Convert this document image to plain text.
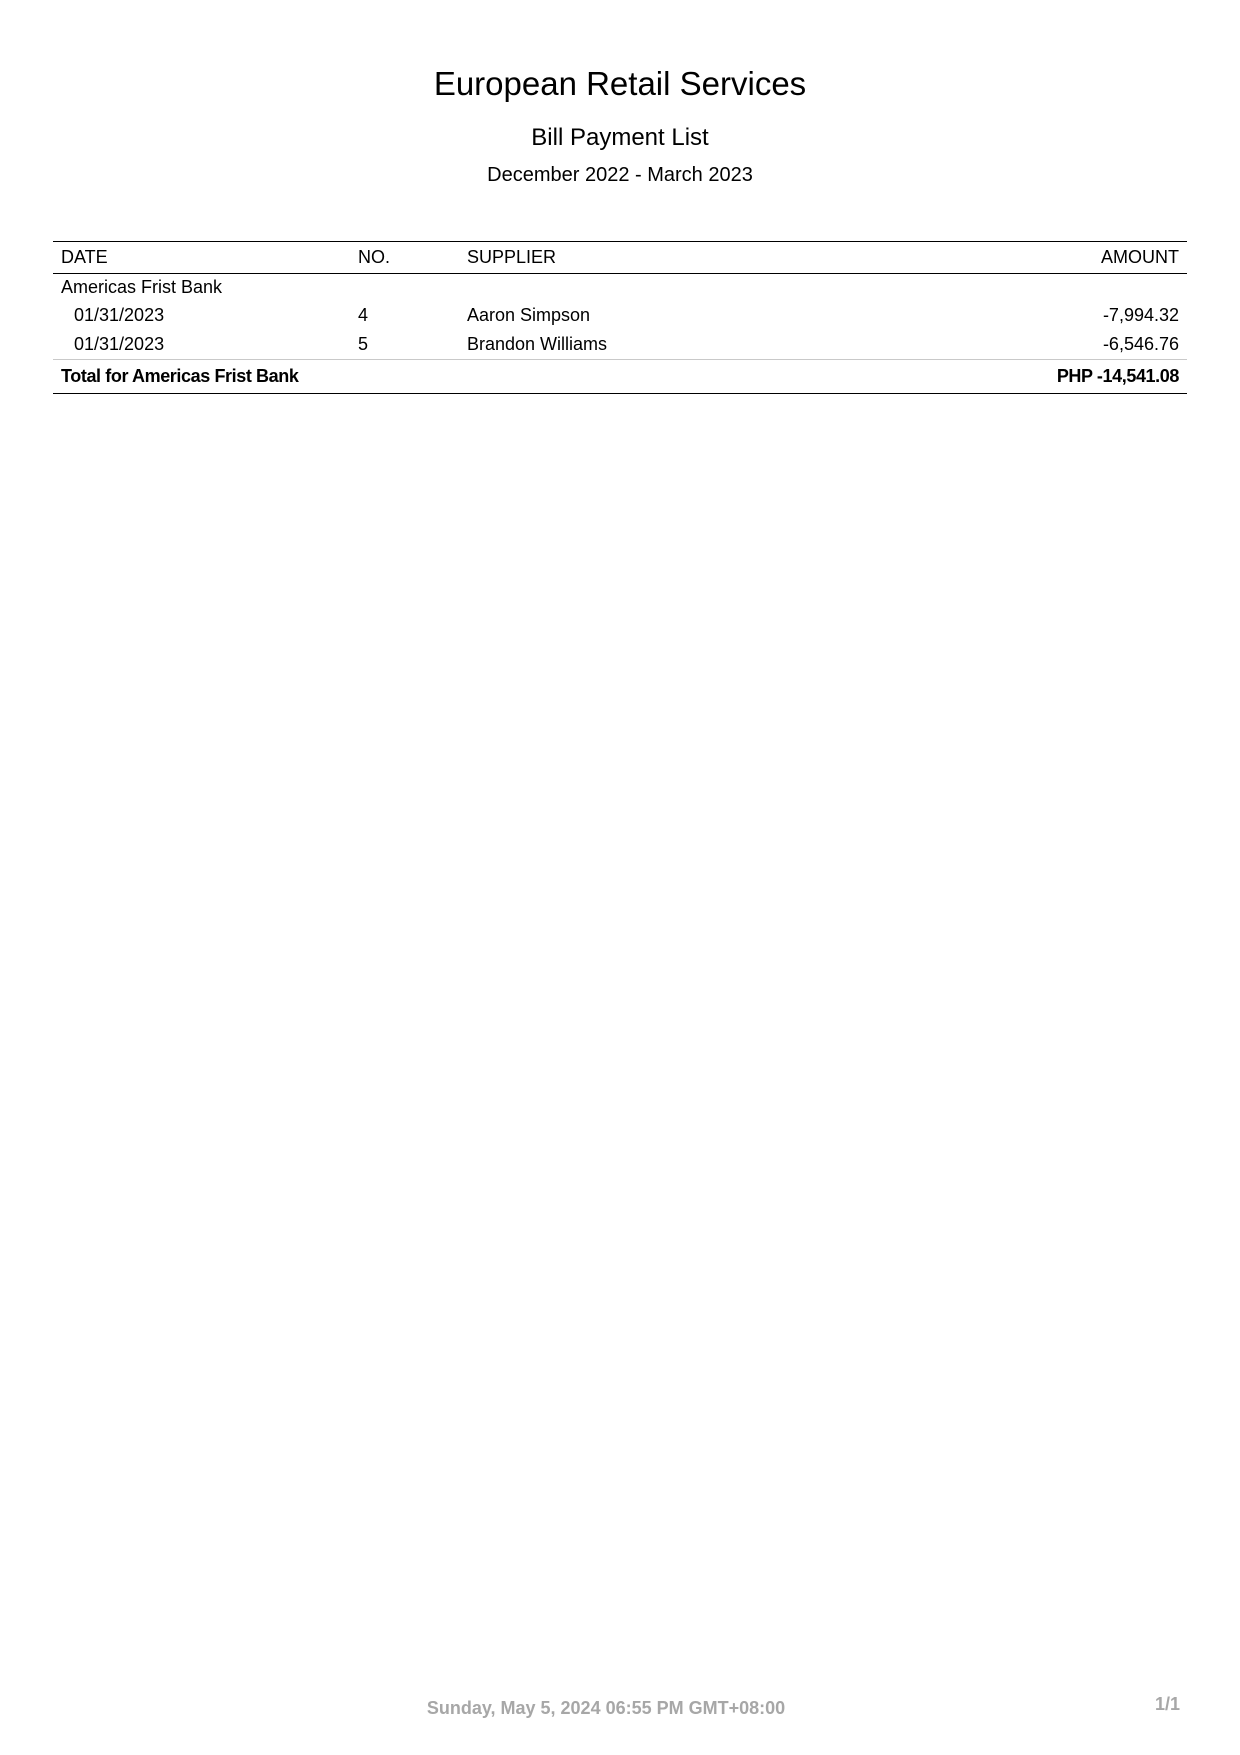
European Retail Services
Bill Payment List
December 2022 - March 2023
DATE	NO.	SUPPLIER	AMOUNT
Americas Frist Bank			
01/31/2023	4	Aaron Simpson	-7,994.32
01/31/2023	5	Brandon Williams	-6,546.76
Total for Americas Frist Bank			PHP -14,541.08
Sunday, May 5, 2024 06:55 PM GMT+08:00	1/1
